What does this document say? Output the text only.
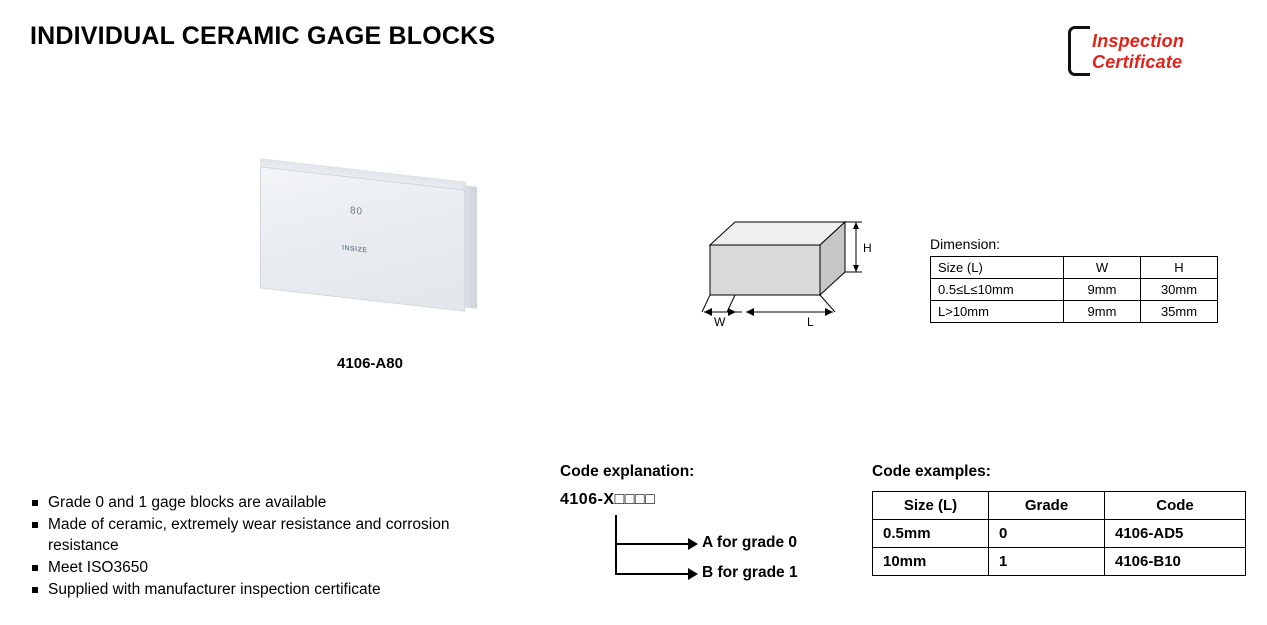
INDIVIDUAL CERAMIC GAGE BLOCKS	Inspection
Certificate
80
INSIZE
4106-A80
H
L
W
Dimension:
Size (L)	W	H
0.5≤L≤10mm	9mm	30mm
L>10mm	9mm	35mm
Grade 0 and 1 gage blocks are available
Made of ceramic, extremely wear resistance and corrosion resistance
Meet ISO3650
Supplied with manufacturer inspection certificate
Code explanation:
4106-X□□□□
A for grade 0
B for grade 1
Code examples:
Size (L)	Grade	Code
0.5mm	0	4106-AD5
10mm	1	4106-B10
